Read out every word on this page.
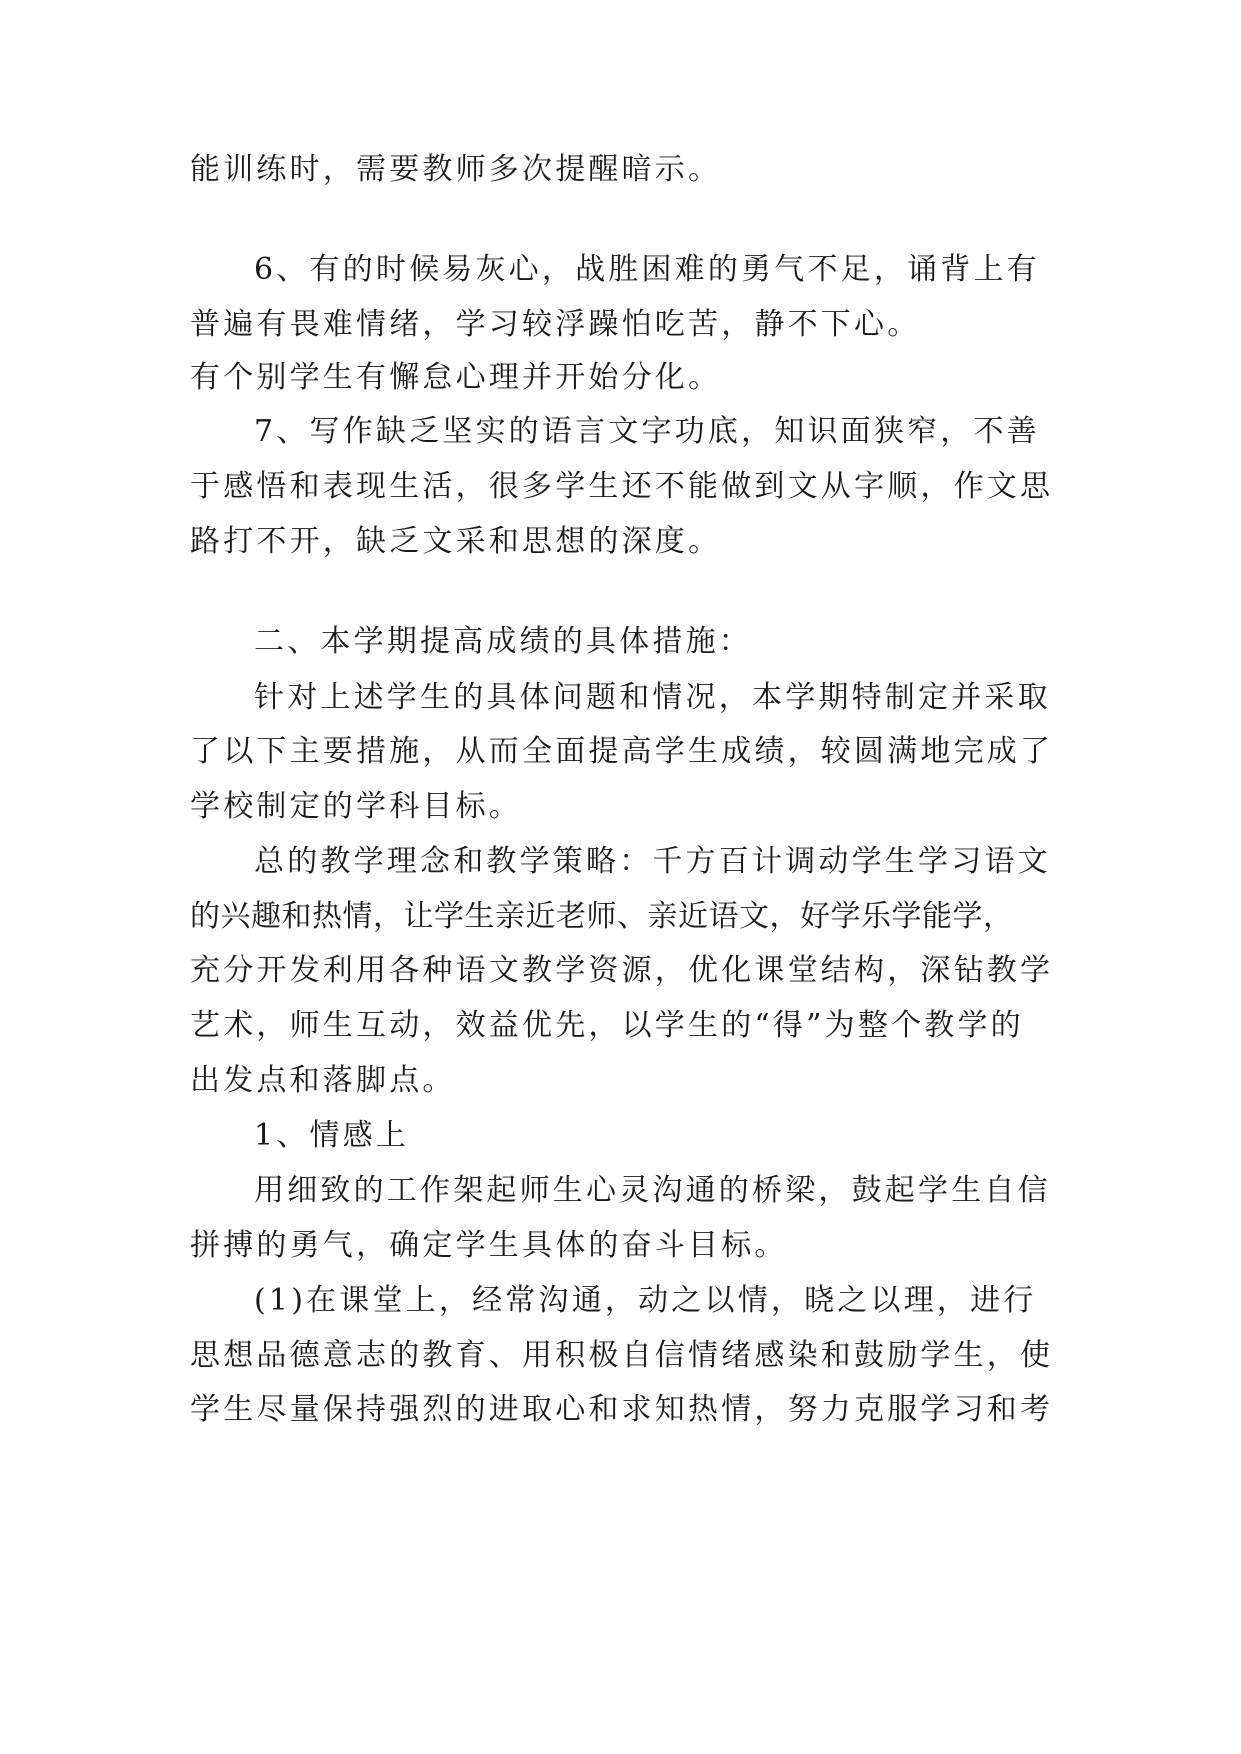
能训练时，需要教师多次提醒暗示。
6、有的时候易灰心，战胜困难的勇气不足，诵背上有
普遍有畏难情绪，学习较浮躁怕吃苦，静不下心。
有个别学生有懈怠心理并开始分化。
7、写作缺乏坚实的语言文字功底，知识面狭窄，不善
于感悟和表现生活，很多学生还不能做到文从字顺，作文思
路打不开，缺乏文采和思想的深度。
二、本学期提高成绩的具体措施：
针对上述学生的具体问题和情况，本学期特制定并采取
了以下主要措施，从而全面提高学生成绩，较圆满地完成了
学校制定的学科目标。
总的教学理念和教学策略：千方百计调动学生学习语文
的兴趣和热情，让学生亲近老师、亲近语文，好学乐学能学，
充分开发利用各种语文教学资源，优化课堂结构，深钻教学
艺术，师生互动，效益优先，以学生的“得”为整个教学的
出发点和落脚点。
1、情感上
用细致的工作架起师生心灵沟通的桥梁，鼓起学生自信
拼搏的勇气，确定学生具体的奋斗目标。
(1)在课堂上，经常沟通，动之以情，晓之以理，进行
思想品德意志的教育、用积极自信情绪感染和鼓励学生，使
学生尽量保持强烈的进取心和求知热情，努力克服学习和考
